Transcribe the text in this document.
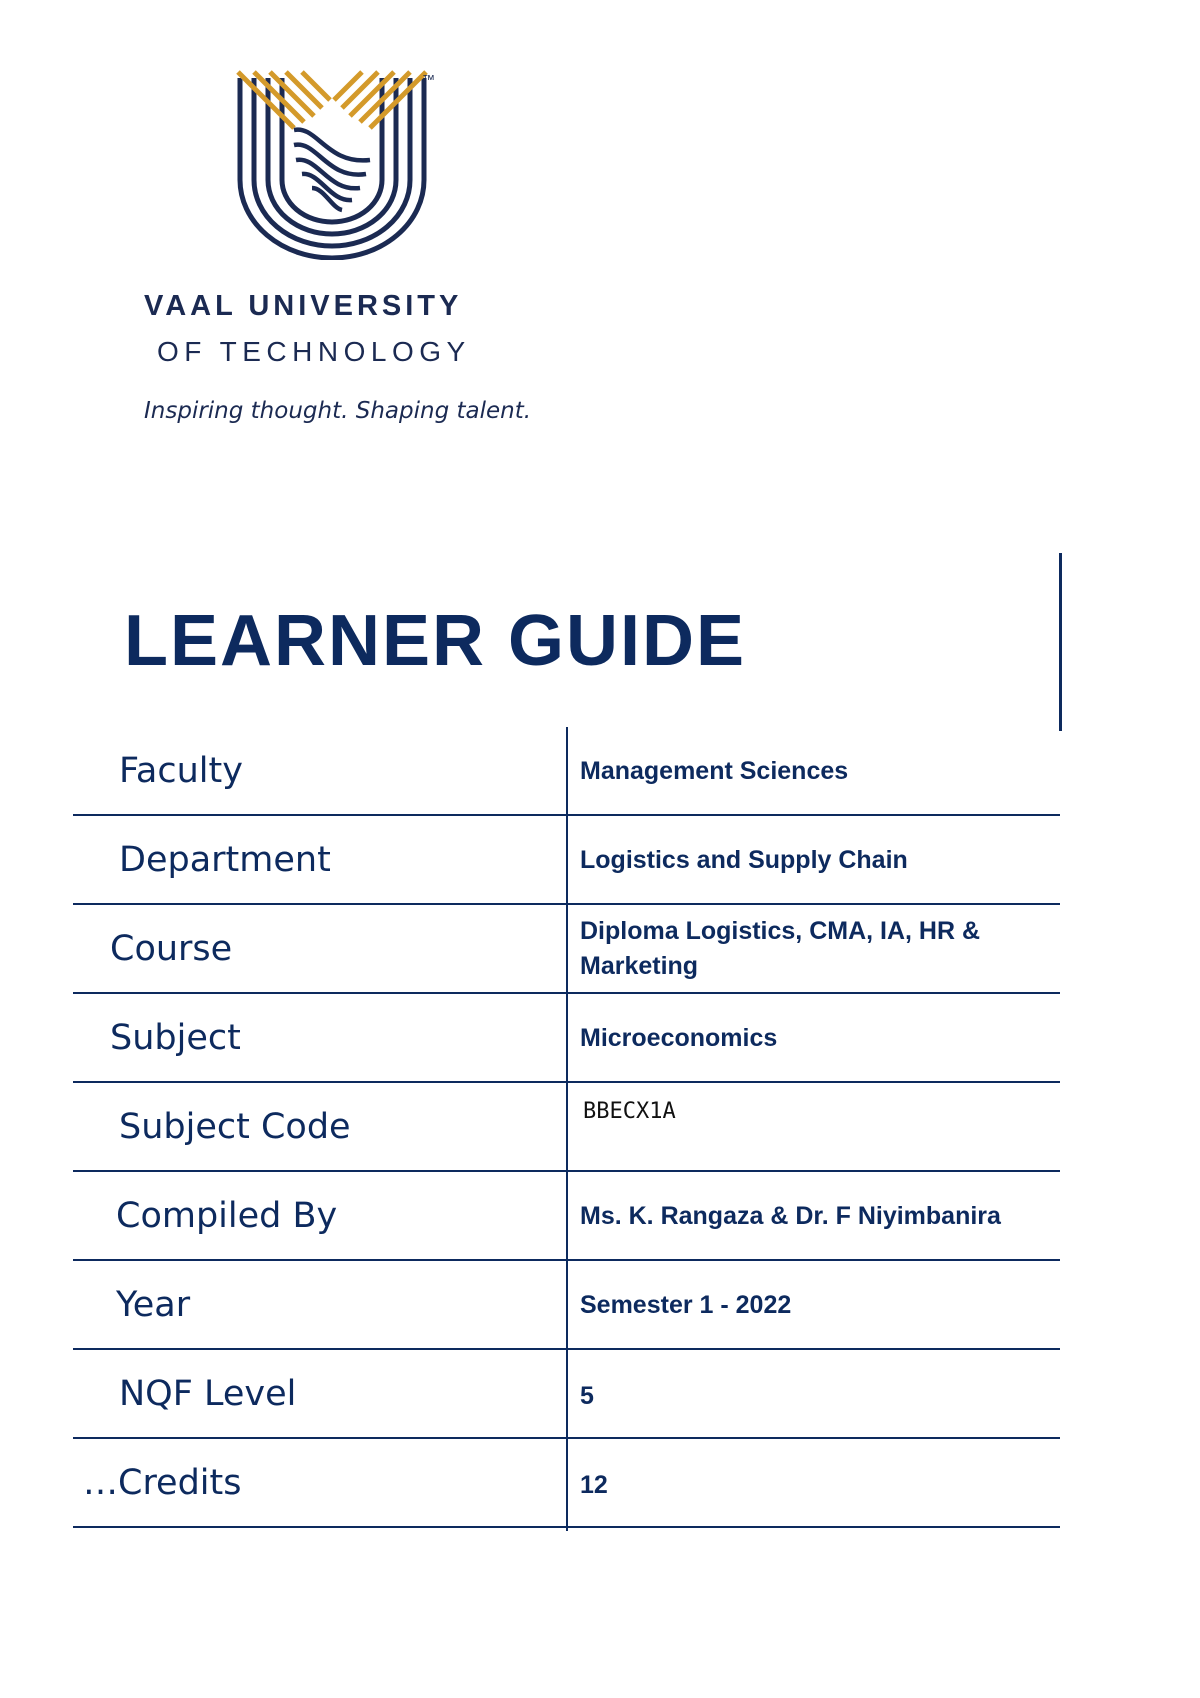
™
VAAL UNIVERSITY
OF TECHNOLOGY
Inspiring thought. Shaping talent.
LEARNER GUIDE
Faculty	Management Sciences
Department	Logistics and Supply Chain
Course	Diploma Logistics, CMA, IA, HR & Marketing
Subject	Microeconomics
Subject Code	BBECX1A
Compiled By	Ms. K. Rangaza & Dr. F Niyimbanira
Year	Semester 1 - 2022
NQF Level	5
…Credits	12
